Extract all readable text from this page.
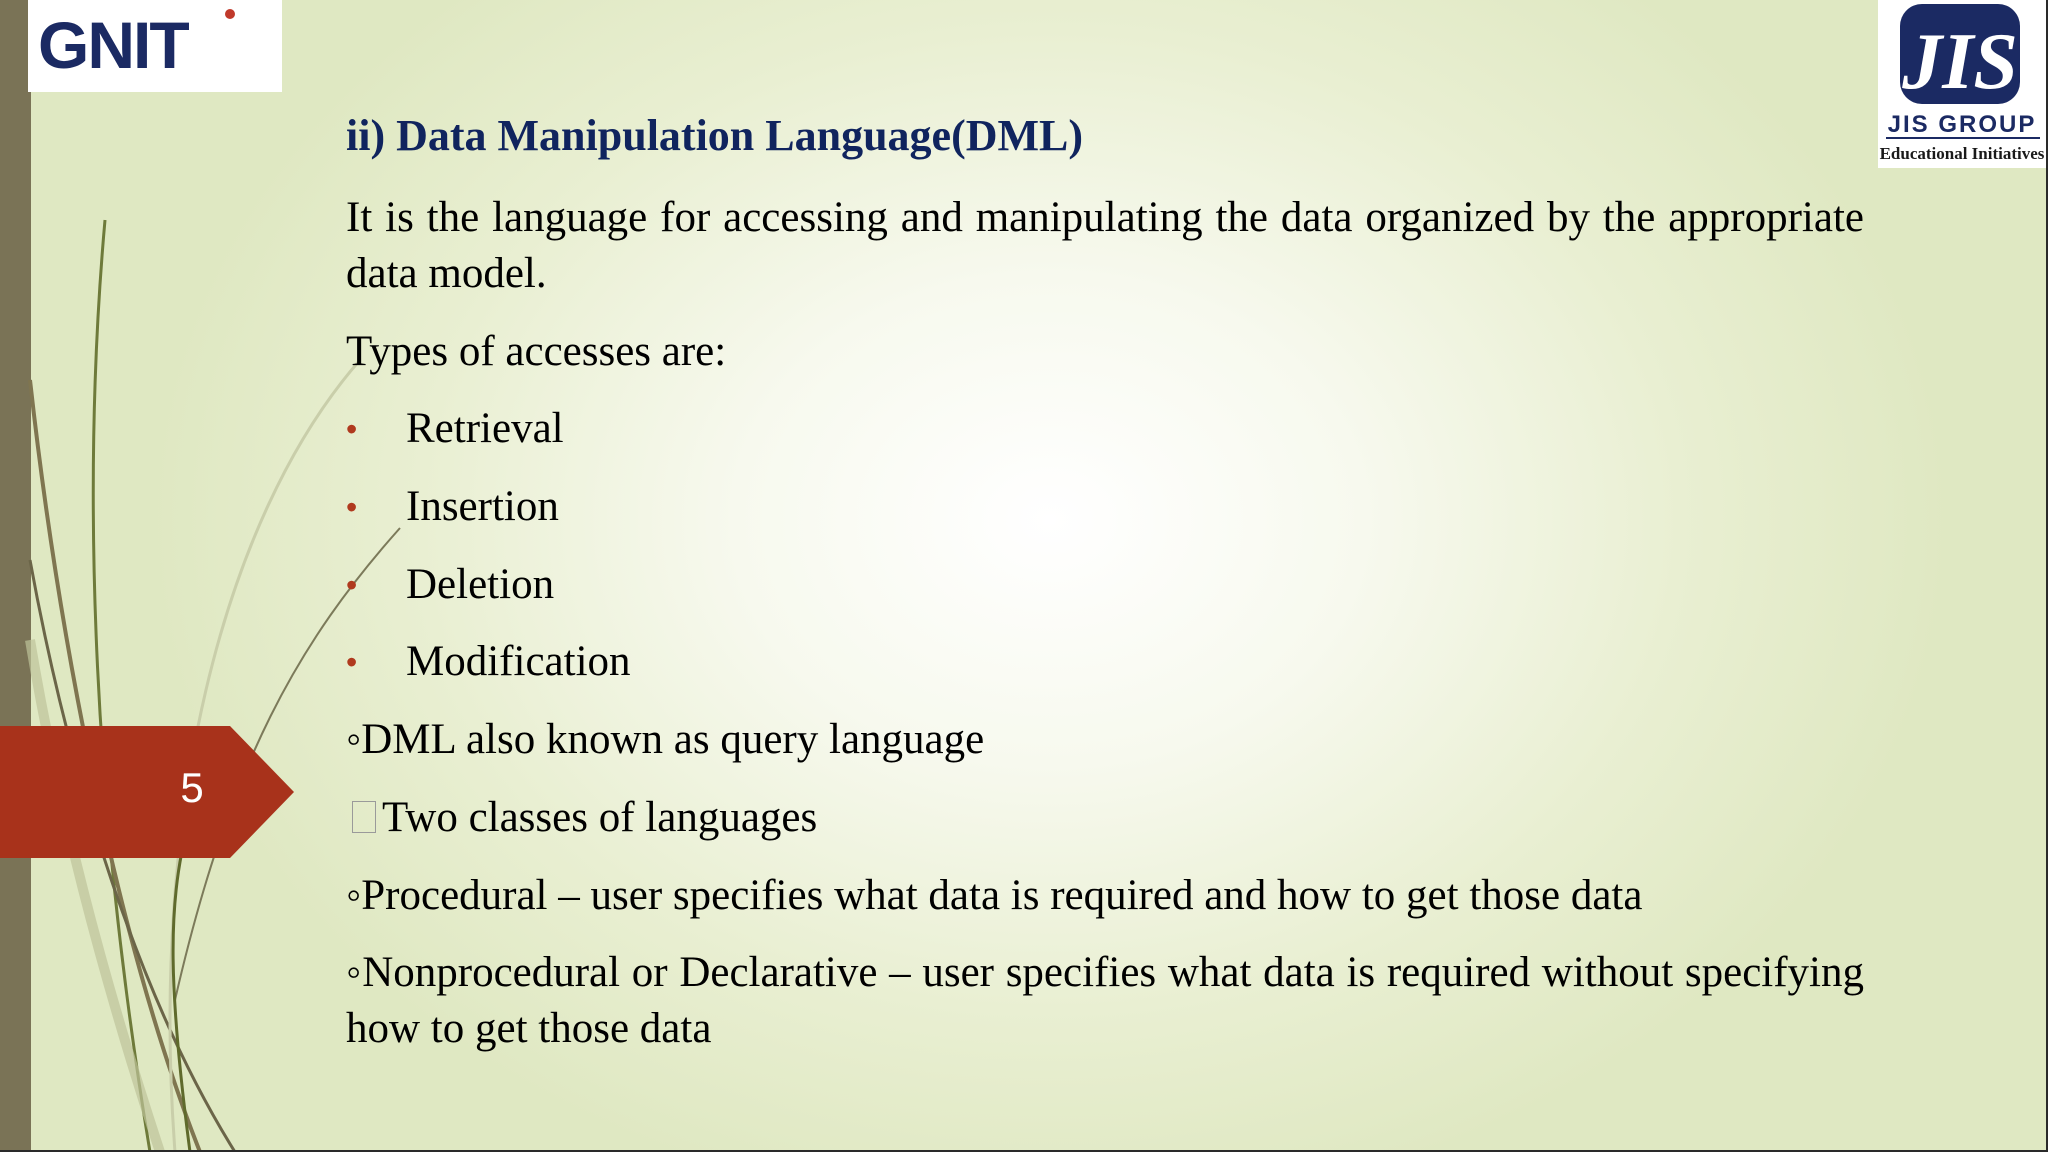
GNIT	JIS
JIS GROUP
Educational Initiatives
5
ii) Data Manipulation Language(DML)
It is the language for accessing and manipulating the data organized by the appropriate data model.
Types of accesses are:
• Retrieval
• Insertion
• Deletion
• Modification
◦DML also known as query language
Two classes of languages
◦Procedural – user specifies what data is required and how to get those data
◦Nonprocedural or Declarative – user specifies what data is required without specifying how to get those data
